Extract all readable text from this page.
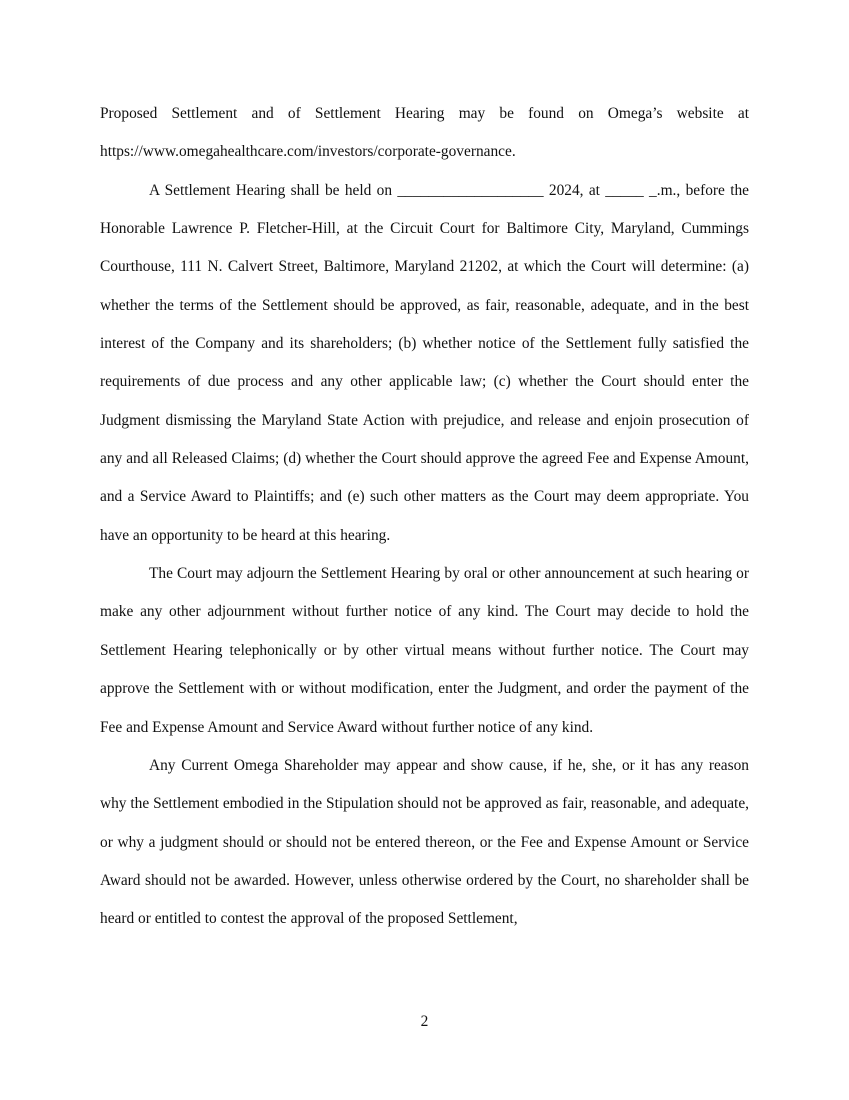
Proposed Settlement and of Settlement Hearing may be found on Omega’s website at https://www.omegahealthcare.com/investors/corporate-governance.

A Settlement Hearing shall be held on ___________________ 2024, at _____ _.m., before the Honorable Lawrence P. Fletcher-Hill, at the Circuit Court for Baltimore City, Maryland, Cummings Courthouse, 111 N. Calvert Street, Baltimore, Maryland 21202, at which the Court will determine: (a) whether the terms of the Settlement should be approved, as fair, reasonable, adequate, and in the best interest of the Company and its shareholders; (b) whether notice of the Settlement fully satisfied the requirements of due process and any other applicable law; (c) whether the Court should enter the Judgment dismissing the Maryland State Action with prejudice, and release and enjoin prosecution of any and all Released Claims; (d) whether the Court should approve the agreed Fee and Expense Amount, and a Service Award to Plaintiffs; and (e) such other matters as the Court may deem appropriate. You have an opportunity to be heard at this hearing.

The Court may adjourn the Settlement Hearing by oral or other announcement at such hearing or make any other adjournment without further notice of any kind. The Court may decide to hold the Settlement Hearing telephonically or by other virtual means without further notice. The Court may approve the Settlement with or without modification, enter the Judgment, and order the payment of the Fee and Expense Amount and Service Award without further notice of any kind.

Any Current Omega Shareholder may appear and show cause, if he, she, or it has any reason why the Settlement embodied in the Stipulation should not be approved as fair, reasonable, and adequate, or why a judgment should or should not be entered thereon, or the Fee and Expense Amount or Service Award should not be awarded. However, unless otherwise ordered by the Court, no shareholder shall be heard or entitled to contest the approval of the proposed Settlement,

2
